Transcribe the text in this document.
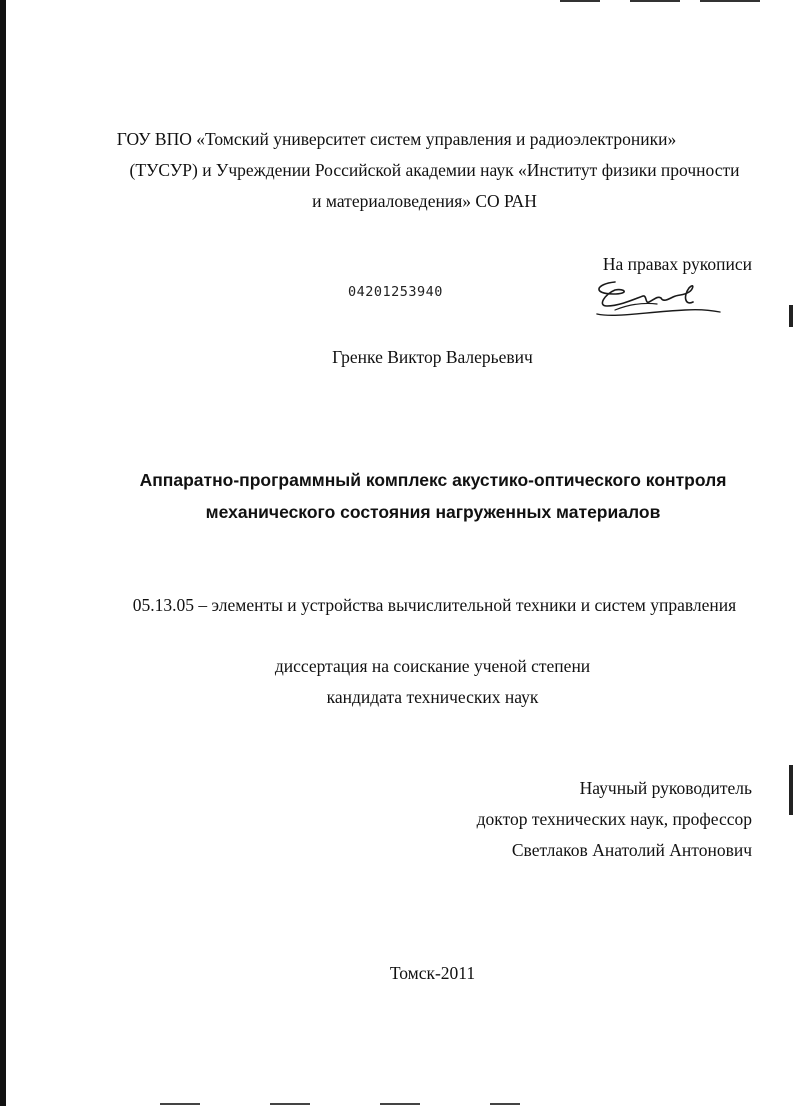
ГОУ ВПО «Томский университет систем управления и радиоэлектроники»
(ТУСУР) и Учреждении Российской академии наук «Институт физики прочности
и материаловедения» СО РАН
На правах рукописи
04201253940
Гренке Виктор Валерьевич
Аппаратно-программный комплекс акустико-оптического контроля
механического состояния нагруженных материалов
05.13.05 – элементы и устройства вычислительной техники и систем управления
диссертация на соискание ученой степени
кандидата технических наук
Научный руководитель
доктор технических наук, профессор
Светлаков Анатолий Антонович
Томск-2011
